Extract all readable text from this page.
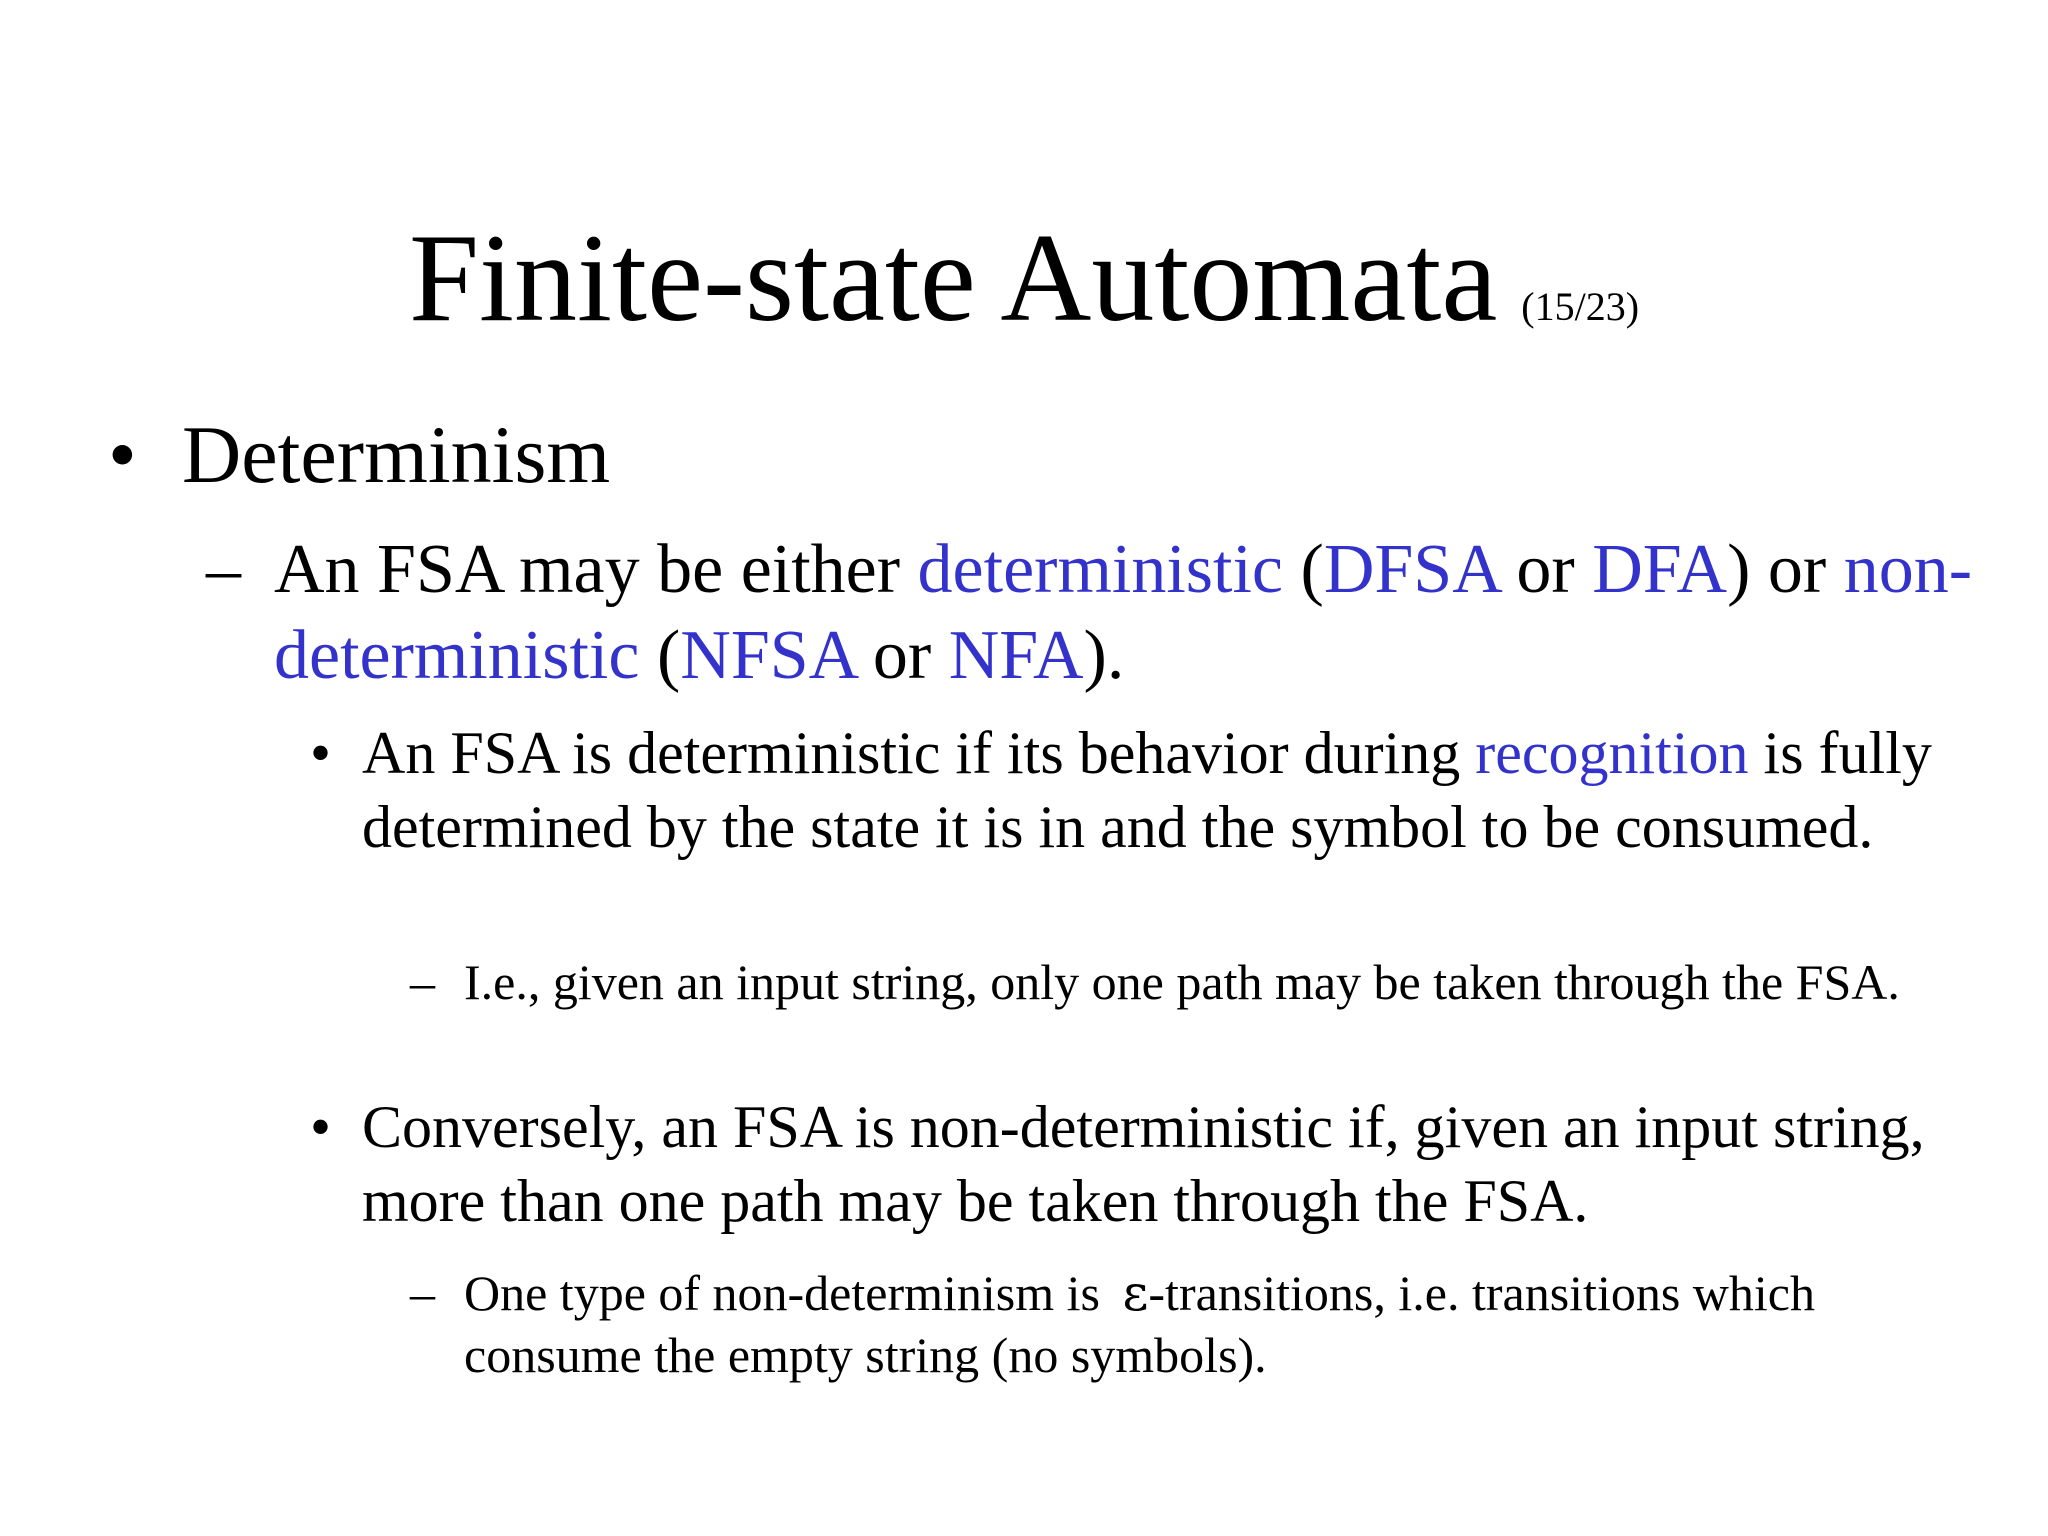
Finite-state Automata (15/23)
• Determinism
– An FSA may be either deterministic (DFSA or DFA) or non-deterministic (NFSA or NFA).
• An FSA is deterministic if its behavior during recognition is fully determined by the state it is in and the symbol to be consumed.
– I.e., given an input string, only one path may be taken through the FSA.
• Conversely, an FSA is non-deterministic if, given an input string, more than one path may be taken through the FSA.
– One type of non-determinism is ε-transitions, i.e. transitions which consume the empty string (no symbols).
